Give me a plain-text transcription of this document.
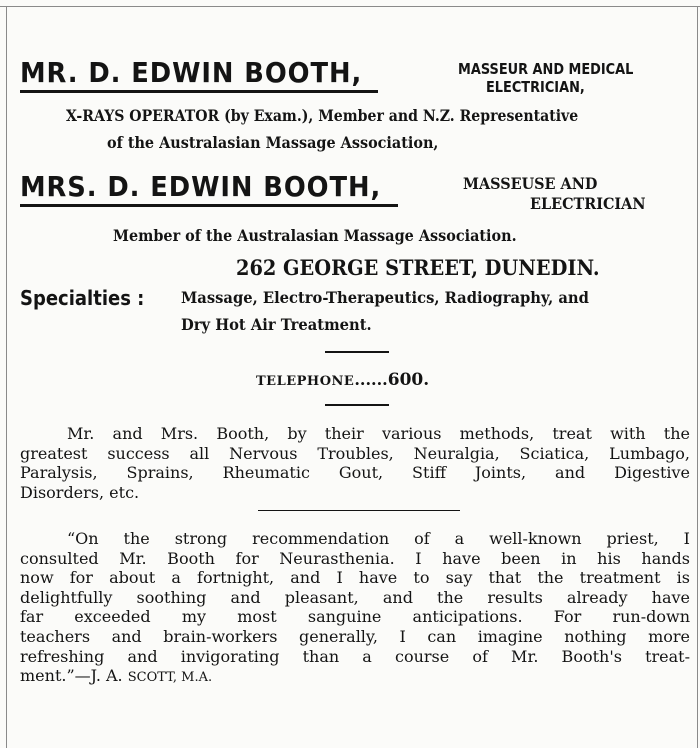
MR. D. EDWIN BOOTH,	MASSEUR AND MEDICAL
ELECTRICIAN,
X-RAYS OPERATOR (by Exam.), Member and N.Z. Representative
of the Australasian Massage Association,
MRS. D. EDWIN BOOTH,	MASSEUSE AND
ELECTRICIAN
Member of the Australasian Massage Association.
262 GEORGE STREET, DUNEDIN.
Specialties : Massage, Electro-Therapeutics, Radiography, and
Dry Hot Air Treatment.
TELEPHONE......600.
Mr. and Mrs. Booth, by their various methods, treat with the
greatest success all Nervous Troubles, Neuralgia, Sciatica, Lumbago,
Paralysis, Sprains, Rheumatic Gout, Stiff Joints, and Digestive
Disorders, etc.
“On the strong recommendation of a well-known priest, I
consulted Mr. Booth for Neurasthenia. I have been in his hands
now for about a fortnight, and I have to say that the treatment is
delightfully soothing and pleasant, and the results already have
far exceeded my most sanguine anticipations. For run-down
teachers and brain-workers generally, I can imagine nothing more
refreshing and invigorating than a course of Mr. Booth's treat-
ment.”—J. A. SCOTT, M.A.
